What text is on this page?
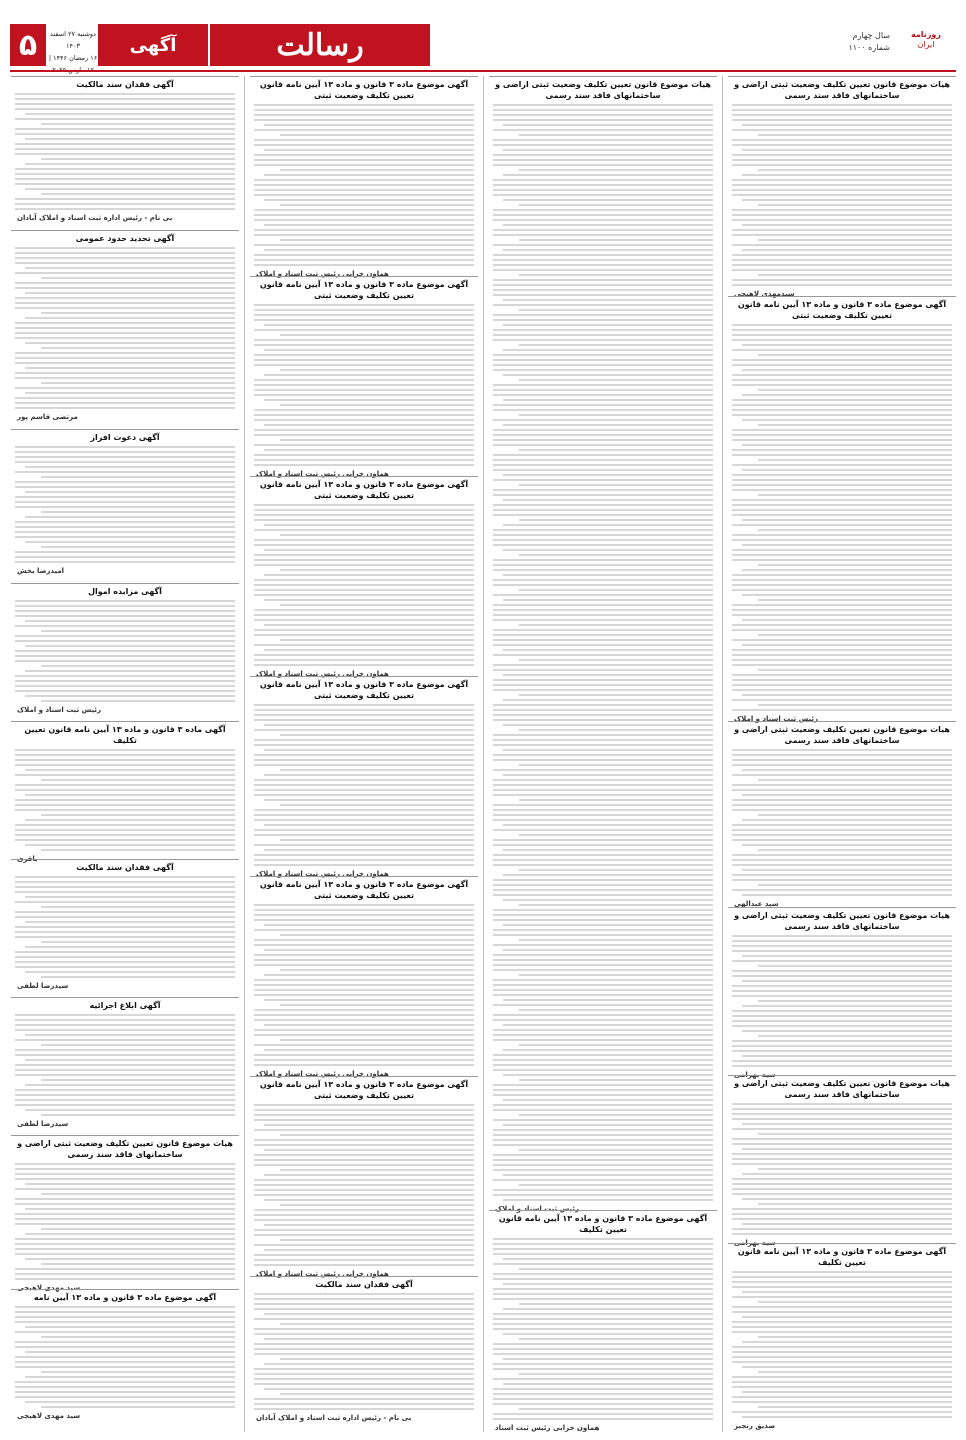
روزنامه
ایران
سال چهارم
شماره ۱۱۰۰
رسالت
آگهی
دوشنبه ۲۷ اسفند ۱۴۰۳
۱۶ رمضان ۱۴۴۶ |
۵
هیات موضوع قانون تعیین تکلیف وضعیت ثبتی اراضی و ساختمانهای فاقد سند رسمی
سیدمهدی لاهیجی
آگهی موضوع ماده ۳ قانون و ماده ۱۳ آیین نامه قانون تعیین تکلیف وضعیت ثبتی
رئیس ثبت اسناد و املاک
هیات موضوع قانون تعیین تکلیف وضعیت ثبتی اراضی و ساختمانهای فاقد سند رسمی
سید عبدالهی
هیات موضوع قانون تعیین تکلیف وضعیت ثبتی اراضی و ساختمانهای فاقد سند رسمی
سید بهرامی
هیات موضوع قانون تعیین تکلیف وضعیت ثبتی اراضی و ساختمانهای فاقد سند رسمی
سید بهرامی
آگهی موضوع ماده ۳ قانون و ماده ۱۳ آیین نامه قانون تعیین تکلیف
صدیق رنجبر
هیات موضوع قانون تعیین تکلیف وضعیت ثبتی اراضی و ساختمانهای فاقد سند رسمی
رئیس ثبت اسناد و املاک
آگهی موضوع ماده ۳ قانون و ماده ۱۳ آیین نامه قانون تعیین تکلیف
هماون خرابی رئیس ثبت اسناد
آگهی موضوع ماده ۳ قانون و ماده ۱۳ آیین نامه قانون تعیین تکلیف وضعیت ثبتی
هماون خرابی رئیس ثبت اسناد و املاک
آگهی موضوع ماده ۳ قانون و ماده ۱۳ آیین نامه قانون تعیین تکلیف وضعیت ثبتی
هماون خرابی رئیس ثبت اسناد و املاک
آگهی موضوع ماده ۳ قانون و ماده ۱۳ آیین نامه قانون تعیین تکلیف وضعیت ثبتی
هماون خرابی رئیس ثبت اسناد و املاک
آگهی موضوع ماده ۳ قانون و ماده ۱۳ آیین نامه قانون تعیین تکلیف وضعیت ثبتی
هماون خرابی رئیس ثبت اسناد و املاک
آگهی موضوع ماده ۳ قانون و ماده ۱۳ آیین نامه قانون تعیین تکلیف وضعیت ثبتی
هماون خرابی رئیس ثبت اسناد و املاک
آگهی موضوع ماده ۳ قانون و ماده ۱۳ آیین نامه قانون تعیین تکلیف وضعیت ثبتی
هماون خرابی رئیس ثبت اسناد و املاک
آگهی فقدان سند مالکیت
بی نام - رئیس اداره ثبت اسناد و املاک آبادان
آگهی فقدان سند مالکیت
بی نام - رئیس اداره ثبت اسناد و املاک آبادان
آگهی تحدید حدود عمومی
مرتضی قاسم پور
آگهی دعوت افراز
امیدرضا بخش
آگهی مزایده اموال
رئیس ثبت اسناد و املاک
آگهی ماده ۳ قانون و ماده ۱۳ آیین نامه قانون تعیین تکلیف
باقری
آگهی فقدان سند مالکیت
سیدرضا لطفی
آگهی ابلاغ اجرائیه
سیدرضا لطفی
هیات موضوع قانون تعیین تکلیف وضعیت ثبتی اراضی و ساختمانهای فاقد سند رسمی
سید مهدی لاهیجی
آگهی موضوع ماده ۳ قانون و ماده ۱۳ آیین نامه
سید مهدی لاهیجی
